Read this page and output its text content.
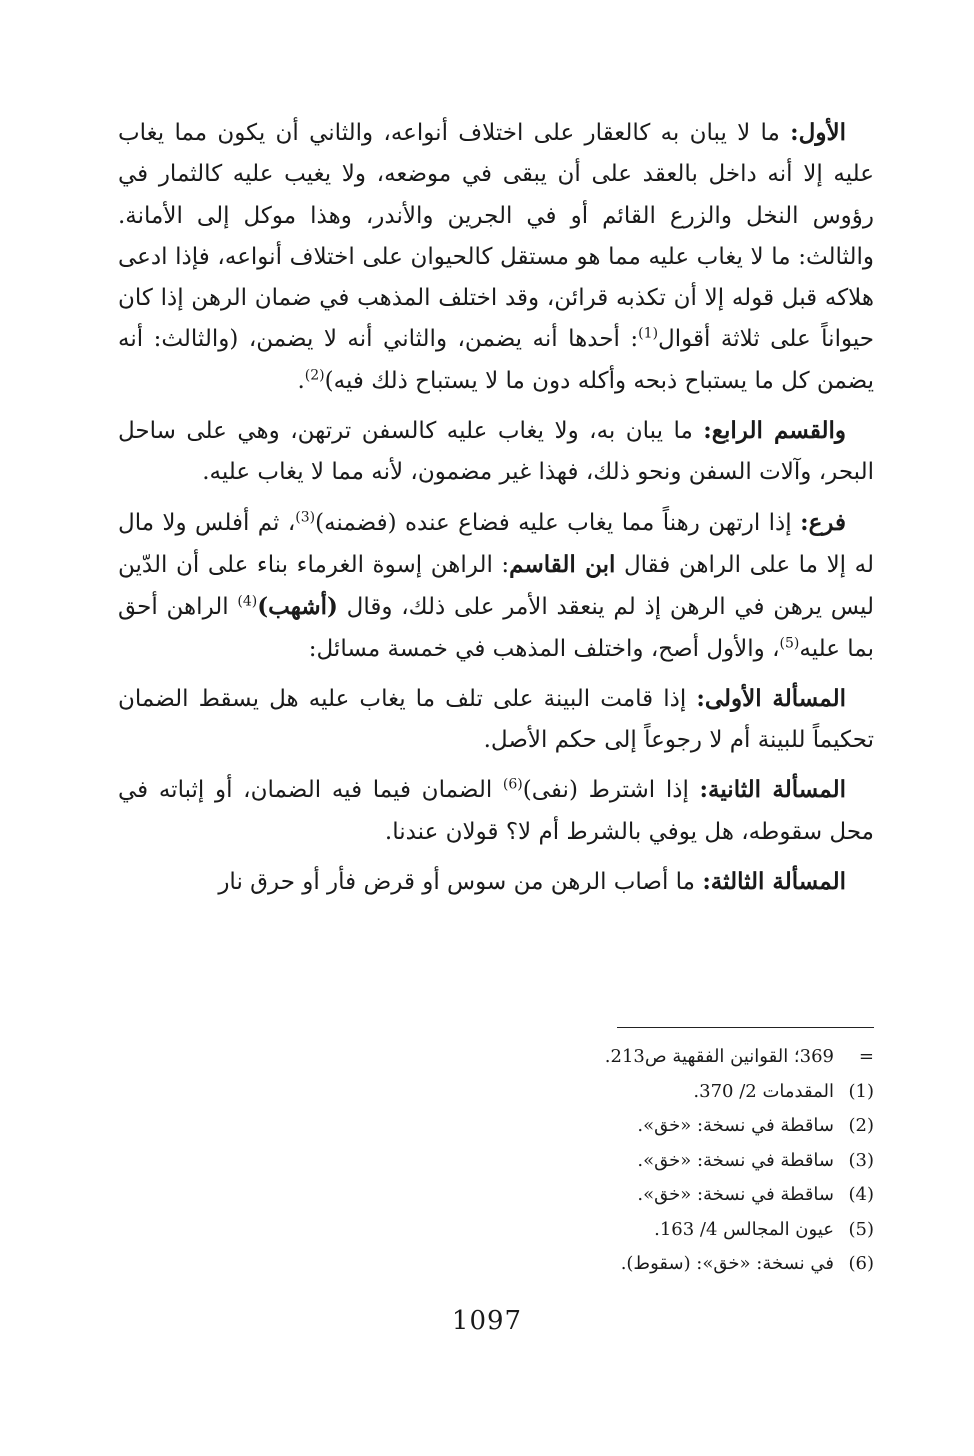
الأول: ما لا يبان به كالعقار على اختلاف أنواعه، والثاني أن يكون مما يغاب عليه إلا أنه داخل بالعقد على أن يبقى في موضعه، ولا يغيب عليه كالثمار في رؤوس النخل والزرع القائم أو في الجرين والأندر، وهذا موكل إلى الأمانة. والثالث: ما لا يغاب عليه مما هو مستقل كالحيوان على اختلاف أنواعه، فإذا ادعى هلاكه قبل قوله إلا أن تكذبه قرائن، وقد اختلف المذهب في ضمان الرهن إذا كان حيواناً على ثلاثة أقوال$^{(1)}$: أحدها أنه يضمن، والثاني أنه لا يضمن، (والثالث: أنه يضمن كل ما يستباح ذبحه وأكله دون ما لا يستباح ذلك فيه)$^{(2)}$.

والقسم الرابع: ما يبان به، ولا يغاب عليه كالسفن ترتهن، وهي على ساحل البحر، وآلات السفن ونحو ذلك، فهذا غير مضمون، لأنه مما لا يغاب عليه.

فرع: إذا ارتهن رهناً مما يغاب عليه فضاع عنده (فضمنه)$^{(3)}$، ثم أفلس ولا مال له إلا ما على الراهن فقال ابن القاسم: الراهن إسوة الغرماء بناء على أن الدّين ليس يرهن في الرهن إذ لم ينعقد الأمر على ذلك، وقال (أشهب)$^{(4)}$ الراهن أحق بما عليه$^{(5)}$، والأول أصح، واختلف المذهب في خمسة مسائل:

المسألة الأولى: إذا قامت البينة على تلف ما يغاب عليه هل يسقط الضمان تحكيماً للبينة أم لا رجوعاً إلى حكم الأصل.

المسألة الثانية: إذا اشترط (نفى)$^{(6)}$ الضمان فيما فيه الضمان، أو إثباته في محل سقوطه، هل يوفي بالشرط أم لا؟ قولان عندنا.

المسألة الثالثة: ما أصاب الرهن من سوس أو قرض فأر أو حرق نار

=369؛ القوانين الفقهية ص213.
(1)المقدمات 2/ 370.
(2)ساقطة في نسخة: «خق».
(3)ساقطة في نسخة: «خق».
(4)ساقطة في نسخة: «خق».
(5)عيون المجالس 4/ 163.
(6)في نسخة: «خق»: (سقوط).
1097
